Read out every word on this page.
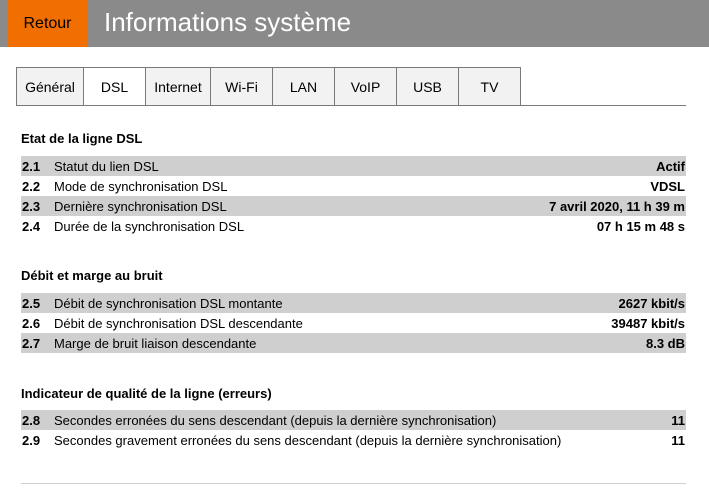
Retour	Informations système
Général	DSL	Internet	Wi-Fi	LAN	VoIP	USB	TV
Etat de la ligne DSL
2.1	Statut du lien DSL	Actif
2.2	Mode de synchronisation DSL	VDSL
2.3	Dernière synchronisation DSL	7 avril 2020, 11 h 39 m
2.4	Durée de la synchronisation DSL	07 h 15 m 48 s
Débit et marge au bruit
2.5	Débit de synchronisation DSL montante	2627 kbit/s
2.6	Débit de synchronisation DSL descendante	39487 kbit/s
2.7	Marge de bruit liaison descendante	8.3 dB
Indicateur de qualité de la ligne (erreurs)
2.8	Secondes erronées du sens descendant (depuis la dernière synchronisation)	11
2.9	Secondes gravement erronées du sens descendant (depuis la dernière synchronisation)	11
